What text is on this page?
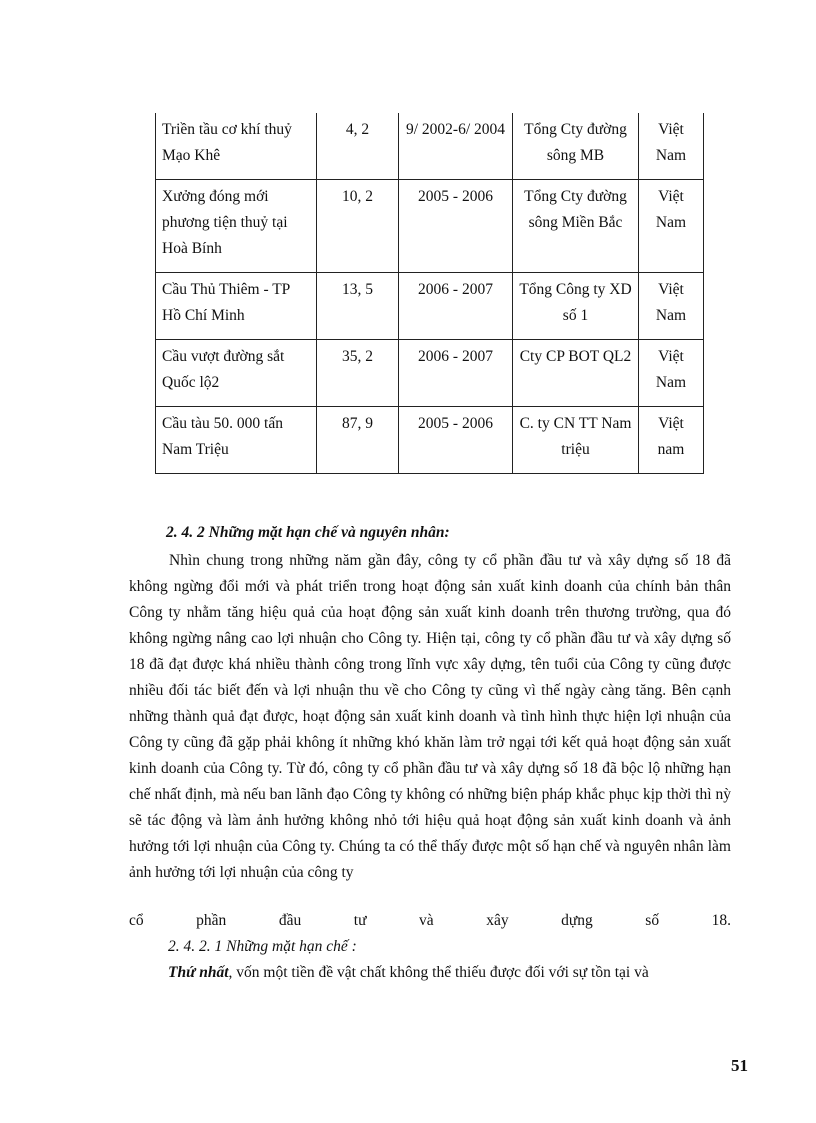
Triền tầu cơ khí thuỷ Mạo Khê	4, 2	9/ 2002-6/ 2004	Tổng Cty đường sông MB	Việt Nam
Xưởng đóng mới phương tiện thuỷ tại Hoà Bính	10, 2	2005 - 2006	Tổng Cty đường sông Miền Bắc	Việt Nam
Cầu Thủ Thiêm - TP Hồ Chí Minh	13, 5	2006 - 2007	Tổng Công ty XD số 1	Việt Nam
Cầu vượt đường sắt Quốc lộ2	35, 2	2006 - 2007	Cty CP BOT QL2	Việt Nam
Cầu tàu 50. 000 tấn Nam Triệu	87, 9	2005 - 2006	C. ty CN TT Nam triệu	Việt nam
2. 4. 2 Những mặt hạn chế và nguyên nhân:
Nhìn chung trong những năm gần đây, công ty cổ phần đầu tư và xây dựng số 18 đã không ngừng đổi mới và phát triển trong hoạt động sản xuất kinh doanh của chính bản thân Công ty nhằm tăng hiệu quả của hoạt động sản xuất kinh doanh trên thương trường, qua đó không ngừng nâng cao lợi nhuận cho Công ty. Hiện tại, công ty cổ phần đầu tư và xây dựng số 18 đã đạt được khá nhiều thành công trong lĩnh vực xây dựng, tên tuổi của Công ty cũng được nhiều đối tác biết đến và lợi nhuận thu về cho Công ty cũng vì thế ngày càng tăng. Bên cạnh những thành quả đạt được, hoạt động sản xuất kinh doanh và tình hình thực hiện lợi nhuận của Công ty cũng đã gặp phải không ít những khó khăn làm trở ngại tới kết quả hoạt động sản xuất kinh doanh của Công ty. Từ đó, công ty cổ phần đầu tư và xây dựng số 18 đã bộc lộ những hạn chế nhất định, mà nếu ban lãnh đạo Công ty không có những biện pháp khắc phục kịp thời thì nỳ sẽ tác động và làm ảnh hưởng không nhỏ tới hiệu quả hoạt động sản xuất kinh doanh và ảnh hưởng tới lợi nhuận của Công ty. Chúng ta có thể thấy được một số hạn chế và nguyên nhân làm ảnh hưởng tới lợi nhuận của công ty
cổ	phần	đầu	tư	và	xây	dựng	số	18.
2. 4. 2. 1 Những mặt hạn chế :
Thứ nhất, vốn một tiền đề vật chất không thể thiếu được đối với sự tồn tại và
51
